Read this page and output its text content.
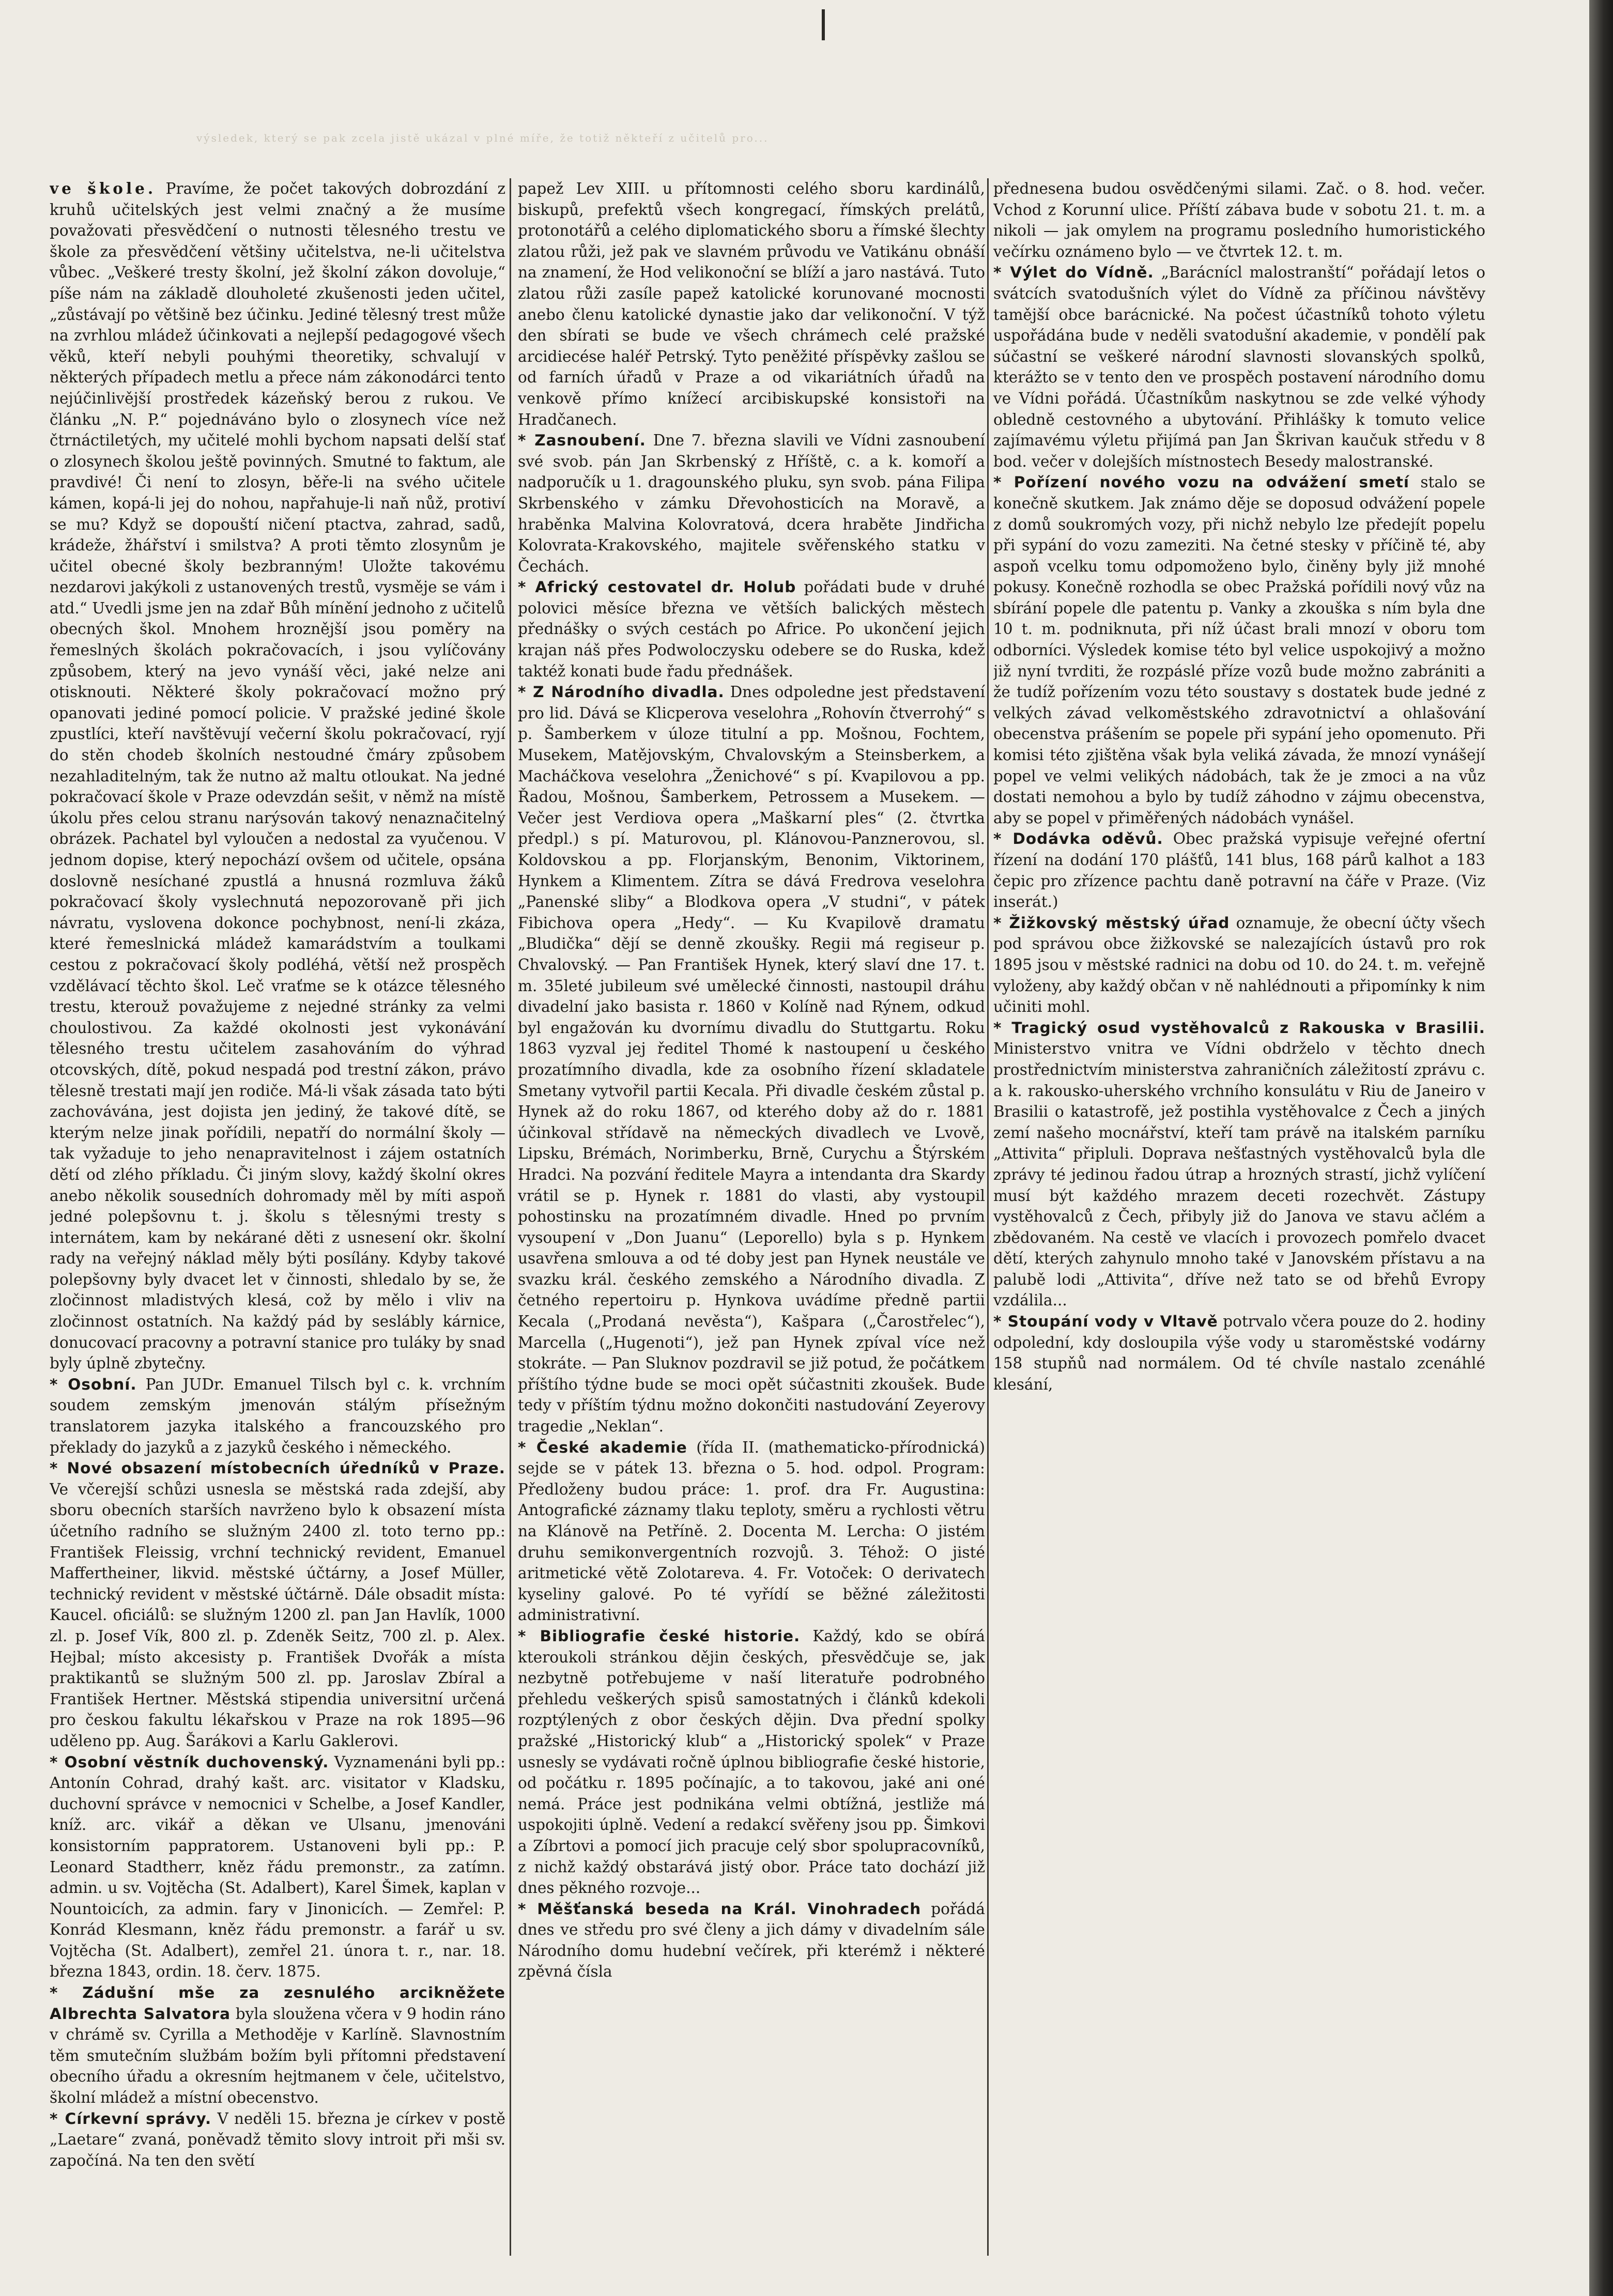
výsledek, který se pak zcela jistě ukázal v plné míře, že totiž někteří z učitelů pro...

ve škole. Pravíme, že počet takových dobrozdání z kruhů učitelských jest velmi značný a že musíme považovati přesvědčení o nutnosti tělesného trestu ve škole za přesvědčení většiny učitelstva, ne-li učitelstva vůbec. „Veškeré tresty školní, jež školní zákon dovoluje,“ píše nám na základě dlouholeté zkušenosti jeden učitel, „zůstávají po většině bez účinku. Jediné tělesný trest může na zvrhlou mládež účinkovati a nejlepší pedagogové všech věků, kteří nebyli pouhými theoretiky, schvalují v některých případech metlu a přece nám zákonodárci tento nejúčinlivější prostředek kázeňský berou z rukou. Ve článku „N. P.“ pojednáváno bylo o zlosynech více než čtrnáctiletých, my učitelé mohli bychom napsati delší stať o zlosynech školou ještě povinných. Smutné to faktum, ale pravdivé! Či není to zlosyn, běře-li na svého učitele kámen, kopá-li jej do nohou, napřahuje-li naň nůž, protiví se mu? Když se dopouští ničení ptactva, zahrad, sadů, krádeže, žhářství i smilstva? A proti těmto zlosynům je učitel obecné školy bezbranným! Uložte takovému nezdarovi jakýkoli z ustanovených trestů, vysměje se vám i atd.“ Uvedli jsme jen na zdař Bůh mínění jednoho z učitelů obecných škol. Mnohem hroznější jsou poměry na řemeslných školách pokračovacích, i jsou vylíčovány způsobem, který na jevo vynáší věci, jaké nelze ani otisknouti. Některé školy pokračovací možno prý opanovati jediné pomocí policie. V pražské jediné škole zpustlíci, kteří navštěvují večerní školu pokračovací, ryjí do stěn chodeb školních nestoudné čmáry způsobem nezahladitelným, tak že nutno až maltu otloukat. Na jedné pokračovací škole v Praze odevzdán sešit, v němž na místě úkolu přes celou stranu narýsován takový nenaznačitelný obrázek. Pachatel byl vyloučen a nedostal za vyučenou. V jednom dopise, který nepochází ovšem od učitele, opsána doslovně nesíchané zpustlá a hnusná rozmluva žáků pokračovací školy vyslechnutá nepozorovaně při jich návratu, vyslovena dokonce pochybnost, není-li zkáza, které řemeslnická mládež kamarádstvím a toulkami cestou z pokračovací školy podléhá, větší než prospěch vzdělávací těchto škol. Leč vraťme se k otázce tělesného trestu, kterouž považujeme z nejedné stránky za velmi choulostivou. Za každé okolnosti jest vykonávání tělesného trestu učitelem zasahováním do výhrad otcovských, dítě, pokud nespadá pod trestní zákon, právo tělesně trestati mají jen rodiče. Má-li však zásada tato býti zachovávána, jest dojista jen jediný, že takové dítě, se kterým nelze jinak pořídili, nepatří do normální školy — tak vyžaduje to jeho nenapravitelnost i zájem ostatních dětí od zlého příkladu. Či jiným slovy, každý školní okres anebo několik sousedních dohromady měl by míti aspoň jedné polepšovnu t. j. školu s tělesnými tresty s internátem, kam by nekárané děti z usnesení okr. školní rady na veřejný náklad měly býti posílány. Kdyby takové polepšovny byly dvacet let v činnosti, shledalo by se, že zločinnost mladistvých klesá, což by mělo i vliv na zločinnost ostatních. Na každý pád by seslábly kárnice, donucovací pracovny a potravní stanice pro tuláky by snad byly úplně zbytečny.

* Osobní. Pan JUDr. Emanuel Tilsch byl c. k. vrchním soudem zemským jmenován stálým přísežným translatorem jazyka italského a francouzského pro překlady do jazyků a z jazyků českého i německého.

* Nové obsazení místobecních úředníků v Praze. Ve včerejší schůzi usnesla se městská rada zdejší, aby sboru obecních starších navrženo bylo k obsazení místa účetního radního se služným 2400 zl. toto terno pp.: František Fleissig, vrchní technický revident, Emanuel Maffertheiner, likvid. městské účtárny, a Josef Müller, technický revident v městské účtárně. Dále obsadit místa: Kaucel. oficiálů: se služným 1200 zl. pan Jan Havlík, 1000 zl. p. Josef Vík, 800 zl. p. Zdeněk Seitz, 700 zl. p. Alex. Hejbal; místo akcesisty p. František Dvořák a místa praktikantů se služným 500 zl. pp. Jaroslav Zbíral a František Hertner. Městská stipendia universitní určená pro českou fakultu lékařskou v Praze na rok 1895—96 uděleno pp. Aug. Šarákovi a Karlu Gaklerovi.

* Osobní věstník duchovenský. Vyznamenáni byli pp.: Antonín Cohrad, drahý kašt. arc. visitator v Kladsku, duchovní správce v nemocnici v Schelbe, a Josef Kandler, kníž. arc. vikář a děkan ve Ulsanu, jmenováni konsistorním pappratorem. Ustanoveni byli pp.: P. Leonard Stadtherr, kněz řádu premonstr., za zatímn. admin. u sv. Vojtěcha (St. Adalbert), Karel Šimek, kaplan v Nountoicích, za admin. fary v Jinonicích. — Zemřel: P. Konrád Klesmann, kněz řádu premonstr. a farář u sv. Vojtěcha (St. Adalbert), zemřel 21. února t. r., nar. 18. března 1843, ordin. 18. červ. 1875.

* Zádušní mše za zesnulého arcikněžete Albrechta Salvatora byla sloužena včera v 9 hodin ráno v chrámě sv. Cyrilla a Methoděje v Karlíně. Slavnostním těm smutečním službám božím byli přítomni představení obecního úřadu a okresním hejtmanem v čele, učitelstvo, školní mládež a místní obecenstvo.

* Církevní správy. V neděli 15. března je církev v postě „Laetare“ zvaná, poněvadž těmito slovy introit při mši sv. započíná. Na ten den světí

papež Lev XIII. u přítomnosti celého sboru kardinálů, biskupů, prefektů všech kongregací, římských prelátů, protonotářů a celého diplomatického sboru a římské šlechty zlatou růži, jež pak ve slavném průvodu ve Vatikánu obnáší na znamení, že Hod velikonoční se blíží a jaro nastává. Tuto zlatou růži zasíle papež katolické korunované mocnosti anebo členu katolické dynastie jako dar velikonoční. V týž den sbírati se bude ve všech chrámech celé pražské arcidiecése haléř Petrský. Tyto peněžité příspěvky zašlou se od farních úřadů v Praze a od vikariátních úřadů na venkově přímo knížecí arcibiskupské konsistoři na Hradčanech.

* Zasnoubení. Dne 7. března slavili ve Vídni zasnoubení své svob. pán Jan Skrbenský z Hříště, c. a k. komoří a nadporučík u 1. dragounského pluku, syn svob. pána Filipa Skrbenského v zámku Dřevohosticích na Moravě, a hraběnka Malvina Kolovratová, dcera hraběte Jindřicha Kolovrata-Krakovského, majitele svěřenského statku v Čechách.

* Africký cestovatel dr. Holub pořádati bude v druhé polovici měsíce března ve větších balických městech přednášky o svých cestách po Africe. Po ukončení jejich krajan náš přes Podwoloczysku odebere se do Ruska, kdež taktéž konati bude řadu přednášek.

* Z Národního divadla. Dnes odpoledne jest představení pro lid. Dává se Klicperova veselohra „Rohovín čtverrohý“ s p. Šamberkem v úloze titulní a pp. Mošnou, Fochtem, Musekem, Matějovským, Chvalovským a Steinsberkem, a Macháčkova veselohra „Ženichové“ s pí. Kvapilovou a pp. Řadou, Mošnou, Šamberkem, Petrossem a Musekem. — Večer jest Verdiova opera „Maškarní ples“ (2. čtvrtka předpl.) s pí. Maturovou, pl. Klánovou-Panznerovou, sl. Koldovskou a pp. Florjanským, Benonim, Viktorinem, Hynkem a Klimentem. Zítra se dává Fredrova veselohra „Panenské sliby“ a Blodkova opera „V studni“, v pátek Fibichova opera „Hedy“. — Ku Kvapilově dramatu „Bludička“ dějí se denně zkoušky. Regii má regiseur p. Chvalovský. — Pan František Hynek, který slaví dne 17. t. m. 35leté jubileum své umělecké činnosti, nastoupil dráhu divadelní jako basista r. 1860 v Kolíně nad Rýnem, odkud byl engažován ku dvornímu divadlu do Stuttgartu. Roku 1863 vyzval jej ředitel Thomé k nastoupení u českého prozatímního divadla, kde za osobního řízení skladatele Smetany vytvořil partii Kecala. Při divadle českém zůstal p. Hynek až do roku 1867, od kterého doby až do r. 1881 účinkoval střídavě na německých divadlech ve Lvově, Lipsku, Brémách, Norimberku, Brně, Curychu a Štýrském Hradci. Na pozvání ředitele Mayra a intendanta dra Skardy vrátil se p. Hynek r. 1881 do vlasti, aby vystoupil pohostinsku na prozatímném divadle. Hned po prvním vysoupení v „Don Juanu“ (Leporello) byla s p. Hynkem usavřena smlouva a od té doby jest pan Hynek neustále ve svazku král. českého zemského a Národního divadla. Z četného repertoiru p. Hynkova uvádíme předně partii Kecala („Prodaná nevěsta“), Kašpara („Čarostřelec“), Marcella („Hugenoti“), jež pan Hynek zpíval více než stokráte. — Pan Sluknov pozdravil se již potud, že počátkem příštího týdne bude se moci opět súčastniti zkoušek. Bude tedy v příštím týdnu možno dokončiti nastudování Zeyerovy tragedie „Neklan“.

* České akademie (řída II. (mathematicko-přírodnická) sejde se v pátek 13. března o 5. hod. odpol. Program: Předloženy budou práce: 1. prof. dra Fr. Augustina: Antografické záznamy tlaku teploty, směru a rychlosti větru na Klánově na Petříně. 2. Docenta M. Lercha: O jistém druhu semikonvergentních rozvojů. 3. Téhož: O jisté aritmetické větě Zolotareva. 4. Fr. Votoček: O derivatech kyseliny galové. Po té vyřídí se běžné záležitosti administrativní.

* Bibliografie české historie. Každý, kdo se obírá kteroukoli stránkou dějin českých, přesvědčuje se, jak nezbytně potřebujeme v naší literatuře podrobného přehledu veškerých spisů samostatných i článků kdekoli rozptýlených z obor českých dějin. Dva přední spolky pražské „Historický klub“ a „Historický spolek“ v Praze usnesly se vydávati ročně úplnou bibliografie české historie, od počátku r. 1895 počínajíc, a to takovou, jaké ani oné nemá. Práce jest podnikána velmi obtížná, jestliže má uspokojiti úplně. Vedení a redakcí svěřeny jsou pp. Šimkovi a Zíbrtovi a pomocí jich pracuje celý sbor spolupracovníků, z nichž každý obstarává jistý obor. Práce tato dochází již dnes pěkného rozvoje...

* Měšťanská beseda na Král. Vinohradech pořádá dnes ve středu pro své členy a jich dámy v divadelním sále Národního domu hudební večírek, při kterémž i některé zpěvná čísla

přednesena budou osvědčenými silami. Zač. o 8. hod. večer. Vchod z Korunní ulice. Příští zábava bude v sobotu 21. t. m. a nikoli — jak omylem na programu posledního humoristického večírku oznámeno bylo — ve čtvrtek 12. t. m.

* Výlet do Vídně. „Barácnícl malostranští“ pořádají letos o svátcích svatodušních výlet do Vídně za příčinou návštěvy tamější obce barácnické. Na počest účastníků tohoto výletu uspořádána bude v neděli svatodušní akademie, v pondělí pak súčastní se veškeré národní slavnosti slovanských spolků, kterážto se v tento den ve prospěch postavení národního domu ve Vídni pořádá. Účastníkům naskytnou se zde velké výhody obledně cestovného a ubytování. Přihlášky k tomuto velice zajímavému výletu přijímá pan Jan Škrivan kaučuk středu v 8 bod. večer v dolejších místnostech Besedy malostranské.

* Pořízení nového vozu na odvážení smetí stalo se konečně skutkem. Jak známo děje se doposud odvážení popele z domů soukromých vozy, při nichž nebylo lze předejít popelu při sypání do vozu zameziti. Na četné stesky v příčině té, aby aspoň vcelku tomu odpomoženo bylo, činěny byly již mnohé pokusy. Konečně rozhodla se obec Pražská pořídili nový vůz na sbírání popele dle patentu p. Vanky a zkouška s ním byla dne 10 t. m. podniknuta, při níž účast brali mnozí v oboru tom odborníci. Výsledek komise této byl velice uspokojivý a možno již nyní tvrditi, že rozpáslé příze vozů bude možno zabrániti a že tudíž pořízením vozu této soustavy s dostatek bude jedné z velkých závad velkoměstského zdravotnictví a ohlašování obecenstva prášením se popele při sypání jeho opomenuto. Při komisi této zjištěna však byla veliká závada, že mnozí vynášejí popel ve velmi velikých nádobách, tak že je zmoci a na vůz dostati nemohou a bylo by tudíž záhodno v zájmu obecenstva, aby se popel v přiměřených nádobách vynášel.

* Dodávka oděvů. Obec pražská vypisuje veřejné ofertní řízení na dodání 170 plášťů, 141 blus, 168 párů kalhot a 183 čepic pro zřízence pachtu daně potravní na čáře v Praze. (Viz inserát.)

* Žižkovský městský úřad oznamuje, že obecní účty všech pod správou obce žižkovské se nalezajících ústavů pro rok 1895 jsou v městské radnici na dobu od 10. do 24. t. m. veřejně vyloženy, aby každý občan v ně nahlédnouti a připomínky k nim učiniti mohl.

* Tragický osud vystěhovalců z Rakouska v Brasilii. Ministerstvo vnitra ve Vídni obdrželo v těchto dnech prostřednictvím ministerstva zahraničních záležitostí zprávu c. a k. rakousko-uherského vrchního konsulátu v Riu de Janeiro v Brasilii o katastrofě, jež postihla vystěhovalce z Čech a jiných zemí našeho mocnářství, kteří tam právě na italském parníku „Attivita“ připluli. Doprava nešťastných vystěhovalců byla dle zprávy té jedinou řadou útrap a hrozných strastí, jichž vylíčení musí být každého mrazem deceti rozechvět. Zástupy vystěhovalců z Čech, přibyly již do Janova ve stavu ačlém a zbědovaném. Na cestě ve vlacích i provozech pomřelo dvacet dětí, kterých zahynulo mnoho také v Janovském přístavu a na palubě lodi „Attivita“, dříve než tato se od břehů Evropy vzdálila...

* Stoupání vody v Vltavě potrvalo včera pouze do 2. hodiny odpolední, kdy dosloupila výše vody u staroměstské vodárny 158 stupňů nad normálem. Od té chvíle nastalo zcenáhlé klesání,
